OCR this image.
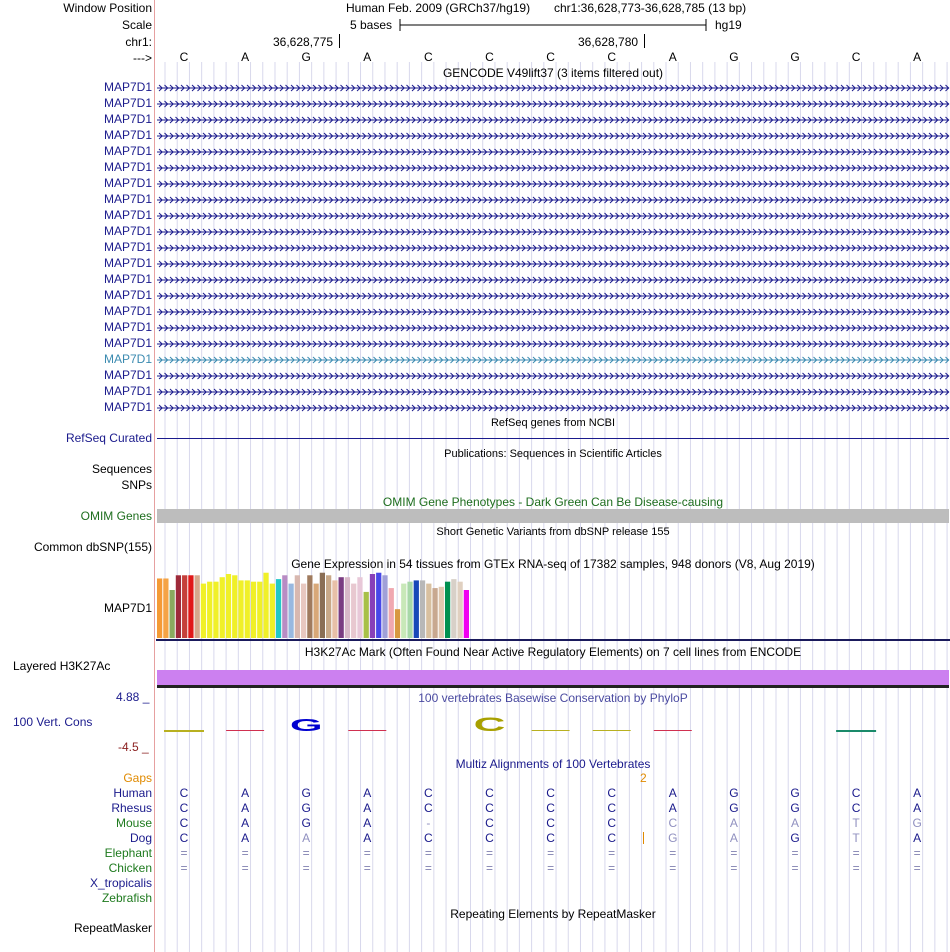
Window Position
Scale
chr1:
--->
Human Feb. 2009 (GRCh37/hg19) chr1:36,628,773-36,628,785 (13 bp)
5 bases	hg19
36,628,775	36,628,780
C	A	G	A	C	C	C	C	A	G	G	C	A
GENCODE V49lift37 (3 items filtered out)
MAP7D1
MAP7D1
MAP7D1
MAP7D1
MAP7D1
MAP7D1
MAP7D1
MAP7D1
MAP7D1
MAP7D1
MAP7D1
MAP7D1
MAP7D1
MAP7D1
MAP7D1
MAP7D1
MAP7D1
MAP7D1
MAP7D1
MAP7D1
MAP7D1
RefSeq genes from NCBI
RefSeq Curated
Publications: Sequences in Scientific Articles
Sequences
SNPs
OMIM Gene Phenotypes - Dark Green Can Be Disease-causing
OMIM Genes
Short Genetic Variants from dbSNP release 155
Common dbSNP(155)
Gene Expression in 54 tissues from GTEx RNA-seq of 17382 samples, 948 donors (V8, Aug 2019)
MAP7D1
H3K27Ac Mark (Often Found Near Active Regulatory Elements) on 7 cell lines from ENCODE
Layered H3K27Ac
100 vertebrates Basewise Conservation by PhyloP
4.88 _
100 Vert. Cons
-4.5 _
G	C
Multiz Alignments of 100 Vertebrates
Gaps	2
Human C	A	G	A	C	C	C	C	A	G	G	C	A
Rhesus C	A	G	A	C	C	C	C	A	G	G	C	A
Mouse C	A	G	A	-	C	C	C	C	A	A	T	G
Dog C	A	A	A	C	C	C	C	G	A	G	T	A
Elephant =	=	=	=	=	=	=	=	=	=	=	=	=
Chicken =	=	=	=	=	=	=	=	=	=	=	=	=
X_tropicalis
Zebrafish
Repeating Elements by RepeatMasker
RepeatMasker
